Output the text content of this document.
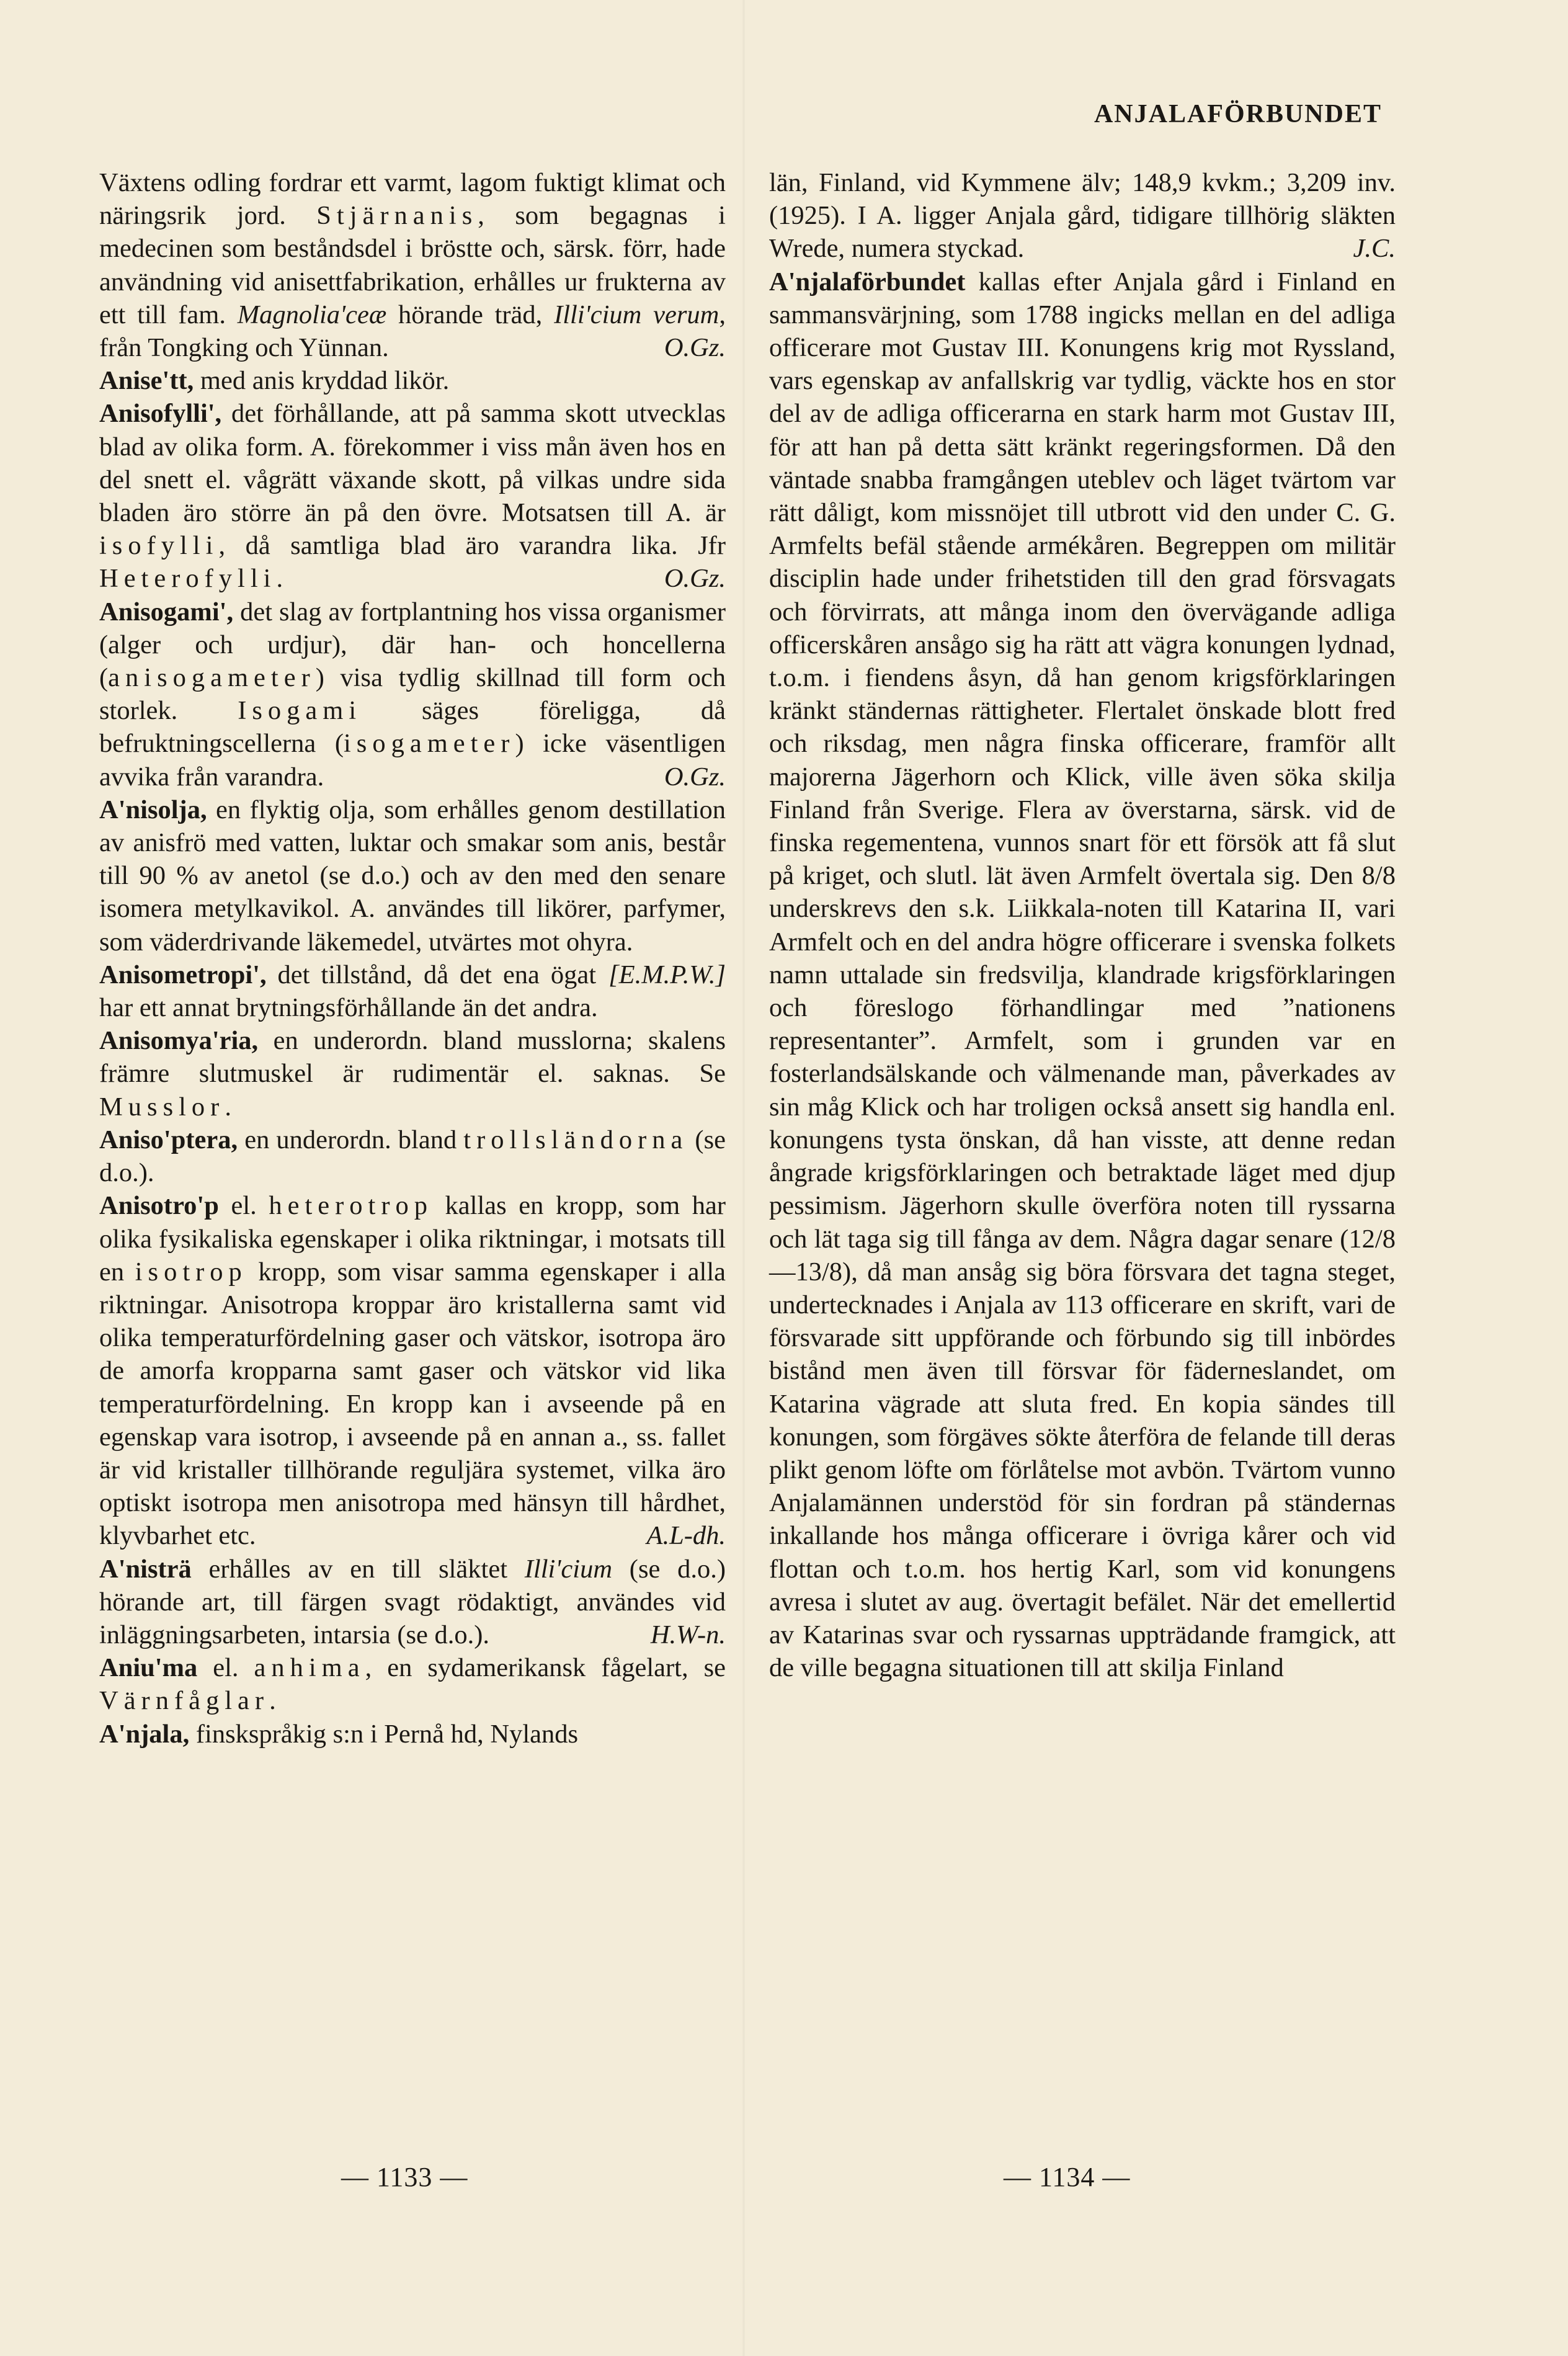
ANJALAFÖRBUNDET

Växtens odling fordrar ett varmt, lagom fuktigt klimat och näringsrik jord. Stjärnanis, som begagnas i medecinen som beståndsdel i bröstte och, särsk. förr, hade användning vid anisettfabrikation, erhålles ur frukterna av ett till fam. Magnolia'ceæ hörande träd, Illi'cium verum, från Tongking och Yünnan.	O.Gz.

Anise'tt, med anis kryddad likör.

Anisofylli', det förhållande, att på samma skott utvecklas blad av olika form. A. förekommer i viss mån även hos en del snett el. vågrätt växande skott, på vilkas undre sida bladen äro större än på den övre. Motsatsen till A. är isofylli, då samtliga blad äro varandra lika. Jfr Heterofylli.	O.Gz.

Anisogami', det slag av fortplantning hos vissa organismer (alger och urdjur), där han- och honcellerna (anisogameter) visa tydlig skillnad till form och storlek. Isogami säges föreligga, då befruktningscellerna (isogameter) icke väsentligen avvika från varandra.	O.Gz.

A'nisolja, en flyktig olja, som erhålles genom destillation av anisfrö med vatten, luktar och smakar som anis, består till 90 % av anetol (se d.o.) och av den med den senare isomera metylkavikol. A. användes till likörer, parfymer, som väderdrivande läkemedel, utvärtes mot ohyra.
[E.M.P.W.]

Anisometropi', det tillstånd, då det ena ögat har ett annat brytningsförhållande än det andra.

Anisomya'ria, en underordn. bland musslorna; skalens främre slutmuskel är rudimentär el. saknas. Se Musslor.

Aniso'ptera, en underordn. bland trollsländorna (se d.o.).

Anisotro'p el. heterotrop kallas en kropp, som har olika fysikaliska egenskaper i olika riktningar, i motsats till en isotrop kropp, som visar samma egenskaper i alla riktningar. Anisotropa kroppar äro kristallerna samt vid olika temperaturfördelning gaser och vätskor, isotropa äro de amorfa kropparna samt gaser och vätskor vid lika temperaturfördelning. En kropp kan i avseende på en egenskap vara isotrop, i avseende på en annan a., ss. fallet är vid kristaller tillhörande reguljära systemet, vilka äro optiskt isotropa men anisotropa med hänsyn till hårdhet, klyvbarhet etc.	A.L-dh.

A'nisträ erhålles av en till släktet Illi'cium (se d.o.) hörande art, till färgen svagt rödaktigt, användes vid inläggningsarbeten, intarsia (se d.o.).	H.W-n.

Aniu'ma el. anhima, en sydamerikansk fågelart, se Värnfåglar.

A'njala, finskspråkig s:n i Pernå hd, Nylands

län, Finland, vid Kymmene älv; 148,9 kvkm.; 3,209 inv. (1925). I A. ligger Anjala gård, tidigare tillhörig släkten Wrede, numera styckad.	J.C.

A'njalaförbundet kallas efter Anjala gård i Finland en sammansvärjning, som 1788 ingicks mellan en del adliga officerare mot Gustav III. Konungens krig mot Ryssland, vars egenskap av anfallskrig var tydlig, väckte hos en stor del av de adliga officerarna en stark harm mot Gustav III, för att han på detta sätt kränkt regeringsformen. Då den väntade snabba framgången uteblev och läget tvärtom var rätt dåligt, kom missnöjet till utbrott vid den under C. G. Armfelts befäl stående armékåren. Begreppen om militär disciplin hade under frihetstiden till den grad försvagats och förvirrats, att många inom den övervägande adliga officerskåren ansågo sig ha rätt att vägra konungen lydnad, t.o.m. i fiendens åsyn, då han genom krigsförklaringen kränkt ständernas rättigheter. Flertalet önskade blott fred och riksdag, men några finska officerare, framför allt majorerna Jägerhorn och Klick, ville även söka skilja Finland från Sverige. Flera av överstarna, särsk. vid de finska regementena, vunnos snart för ett försök att få slut på kriget, och slutl. lät även Armfelt övertala sig. Den 8/8 underskrevs den s.k. Liikkala-noten till Katarina II, vari Armfelt och en del andra högre officerare i svenska folkets namn uttalade sin fredsvilja, klandrade krigsförklaringen och föreslogo förhandlingar med ”nationens representanter”. Armfelt, som i grunden var en fosterlandsälskande och välmenande man, påverkades av sin måg Klick och har troligen också ansett sig handla enl. konungens tysta önskan, då han visste, att denne redan ångrade krigsförklaringen och betraktade läget med djup pessimism. Jägerhorn skulle överföra noten till ryssarna och lät taga sig till fånga av dem. Några dagar senare (12/8—13/8), då man ansåg sig böra försvara det tagna steget, undertecknades i Anjala av 113 officerare en skrift, vari de försvarade sitt uppförande och förbundo sig till inbördes bistånd men även till försvar för fäderneslandet, om Katarina vägrade att sluta fred. En kopia sändes till konungen, som förgäves sökte återföra de felande till deras plikt genom löfte om förlåtelse mot avbön. Tvärtom vunno Anjalamännen understöd för sin fordran på ständernas inkallande hos många officerare i övriga kårer och vid flottan och t.o.m. hos hertig Karl, som vid konungens avresa i slutet av aug. övertagit befälet. När det emellertid av Katarinas svar och ryssarnas uppträdande framgick, att de ville begagna situationen till att skilja Finland

— 1133 —	— 1134 —
